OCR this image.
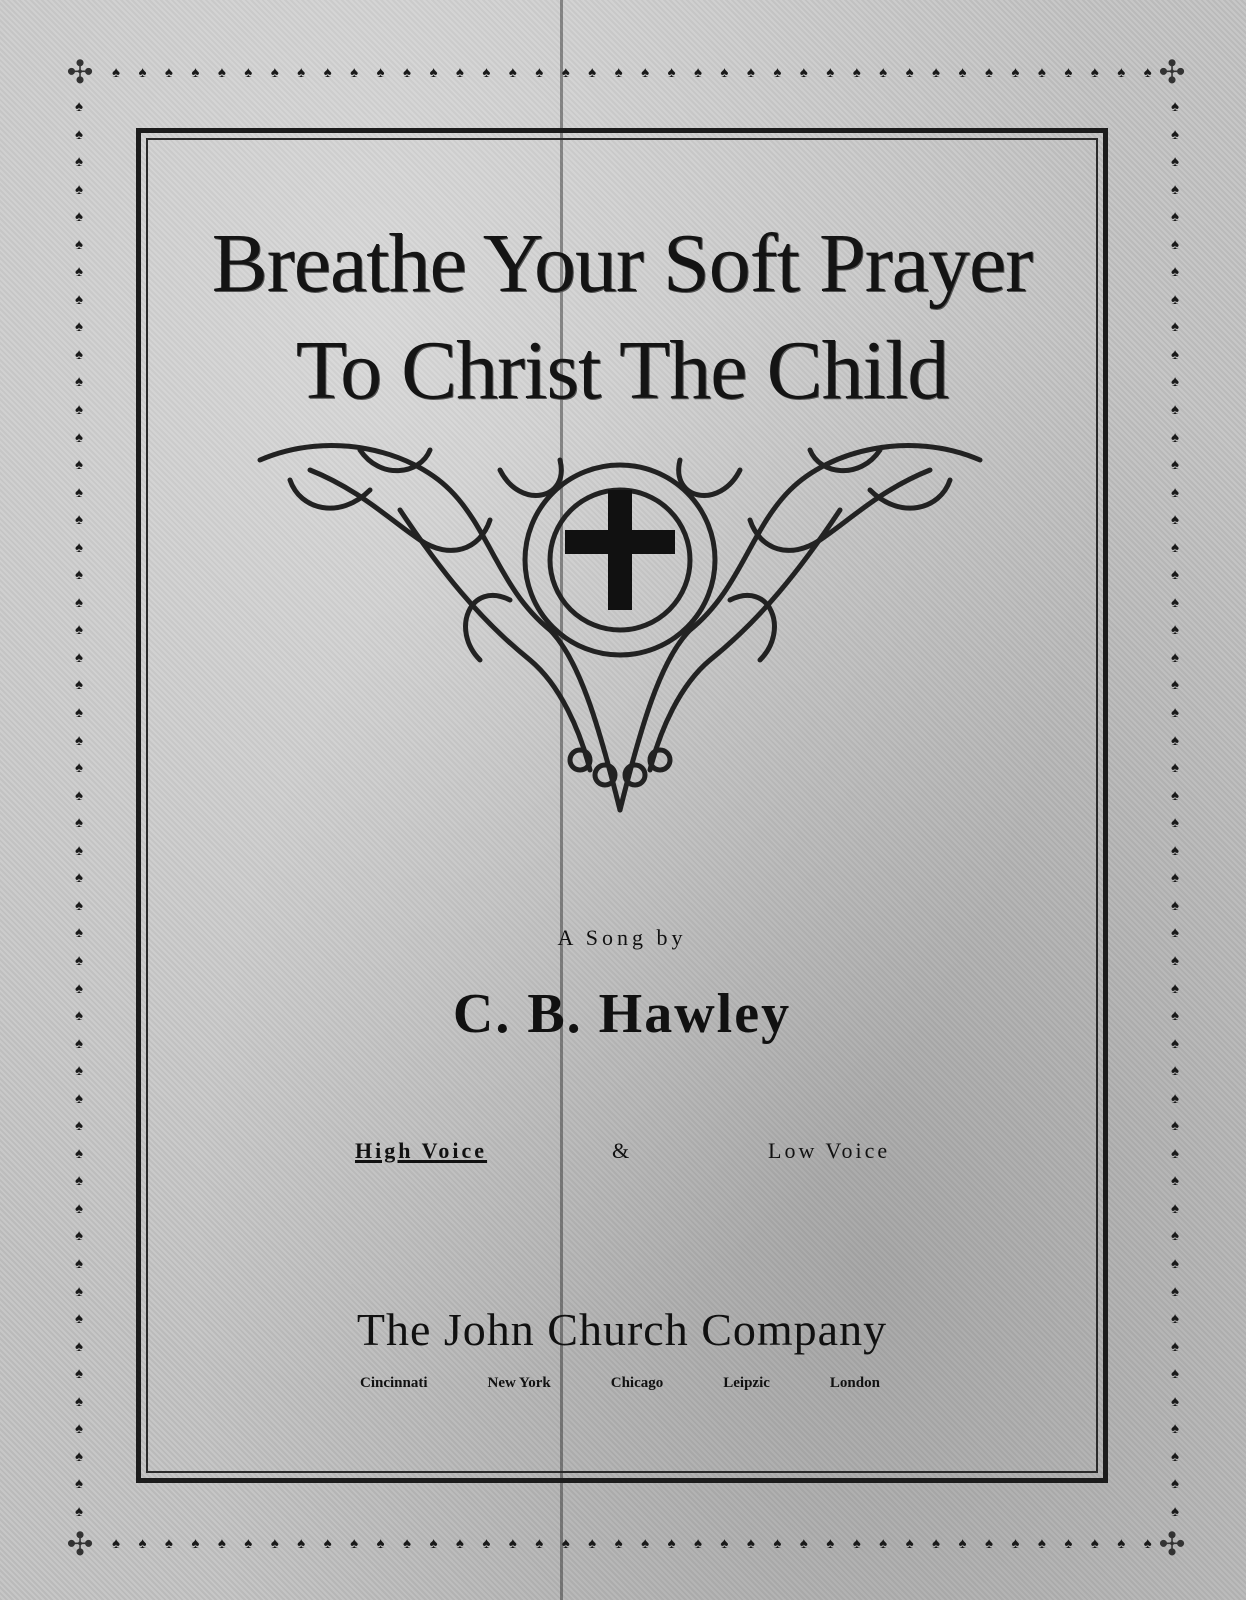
✣	✣
✣	✣
♠ ♠ ♠ ♠ ♠ ♠ ♠ ♠ ♠ ♠ ♠ ♠ ♠ ♠ ♠ ♠ ♠ ♠ ♠ ♠ ♠ ♠ ♠ ♠ ♠ ♠ ♠ ♠ ♠ ♠ ♠ ♠ ♠ ♠ ♠ ♠ ♠ ♠ ♠ ♠
♠ ♠ ♠ ♠ ♠ ♠ ♠ ♠ ♠ ♠ ♠ ♠ ♠ ♠ ♠ ♠ ♠ ♠ ♠ ♠ ♠ ♠ ♠ ♠ ♠ ♠ ♠ ♠ ♠ ♠ ♠ ♠ ♠ ♠ ♠ ♠ ♠ ♠ ♠ ♠
♠
♠
♠
♠
♠
♠
♠
♠
♠
♠
♠
♠
♠
♠
♠
♠
♠
♠
♠
♠
♠
♠
♠
♠
♠
♠
♠
♠
♠
♠
♠
♠
♠
♠
♠
♠
♠
♠
♠
♠
♠
♠
♠
♠
♠
♠
♠
♠
♠
♠
♠
♠
♠
♠
♠
♠
♠
♠
♠
♠
♠
♠
♠
♠
♠
♠
♠
♠
♠
♠
♠
♠
♠
♠
♠
♠
♠
♠
♠
♠
♠
♠
♠
♠
♠
♠
♠
♠
♠
♠
♠
♠
♠
♠
♠
♠
♠
♠
♠
♠
♠
♠
♠
♠
Breathe Your Soft Prayer
To Christ The Child
A Song by
C. B. Hawley
High Voice	&	Low Voice
The John Church Company
Cincinnati	New York	Chicago	Leipzic	London
